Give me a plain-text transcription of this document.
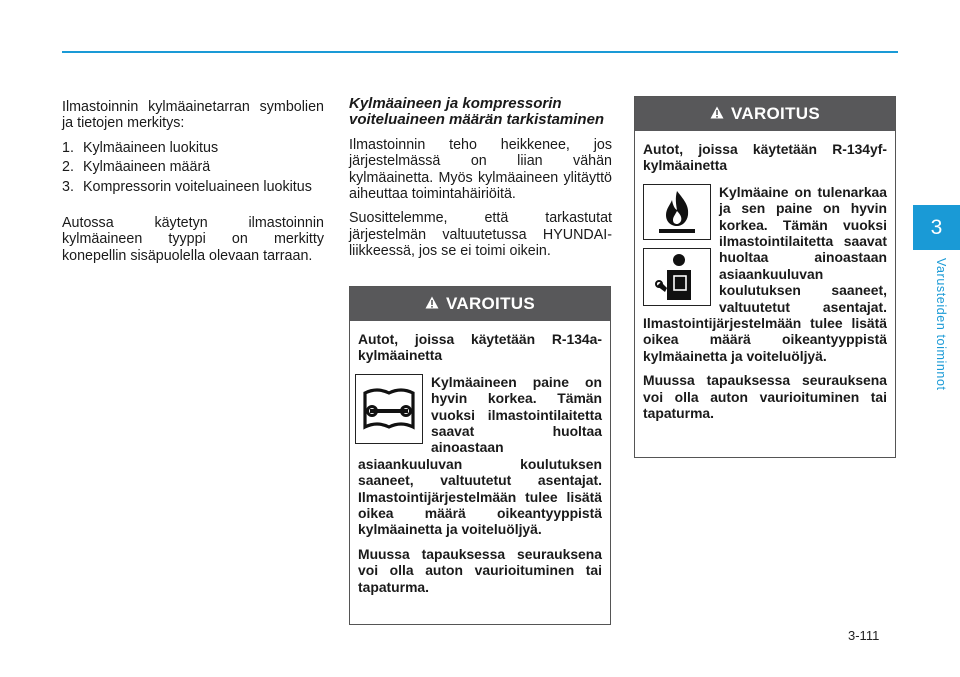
3
Varusteiden toiminnot

Ilmastoinnin kylmäainetarran symbolien ja tietojen merkitys:

1. Kylmäaineen luokitus
2. Kylmäaineen määrä
3. Kompressorin voiteluaineen luokitus

Autossa käytetyn ilmastoinnin kylmäaineen tyyppi on merkitty konepellin sisäpuolella olevaan tarraan.

Kylmäaineen ja kompressorin voiteluaineen määrän tarkistaminen

Ilmastoinnin teho heikkenee, jos järjestelmässä on liian vähän kylmäainetta. Myös kylmäaineen ylitäyttö aiheuttaa toimintahäiriöitä.

Suosittelemme, että tarkastutat järjestelmän valtuutetussa HYUNDAI-liikkeessä, jos se ei toimi oikein.

VAROITUS

Autot, joissa käytetään R-134a-kylmäainetta

Kylmäaineen paine on hyvin korkea. Tämän vuoksi ilmastointilaitetta saavat huoltaa ainoastaan asiaankuuluvan koulutuksen saaneet, valtuutetut asentajat. Ilmastointijärjestelmään tulee lisätä oikea määrä oikeantyyppistä kylmäainetta ja voiteluöljyä.

Muussa tapauksessa seurauksena voi olla auton vaurioituminen tai tapaturma.

VAROITUS

Autot, joissa käytetään R-134yf-kylmäainetta

Kylmäaine on tulenarkaa ja sen paine on hyvin korkea. Tämän vuoksi ilmastointilaitetta saavat huoltaa ainoastaan asiaankuuluvan koulutuksen saaneet, valtuutetut asentajat. Ilmastointijärjestelmään tulee lisätä oikea määrä oikeantyyppistä kylmäainetta ja voiteluöljyä.

Muussa tapauksessa seurauksena voi olla auton vaurioituminen tai tapaturma.

3-111
